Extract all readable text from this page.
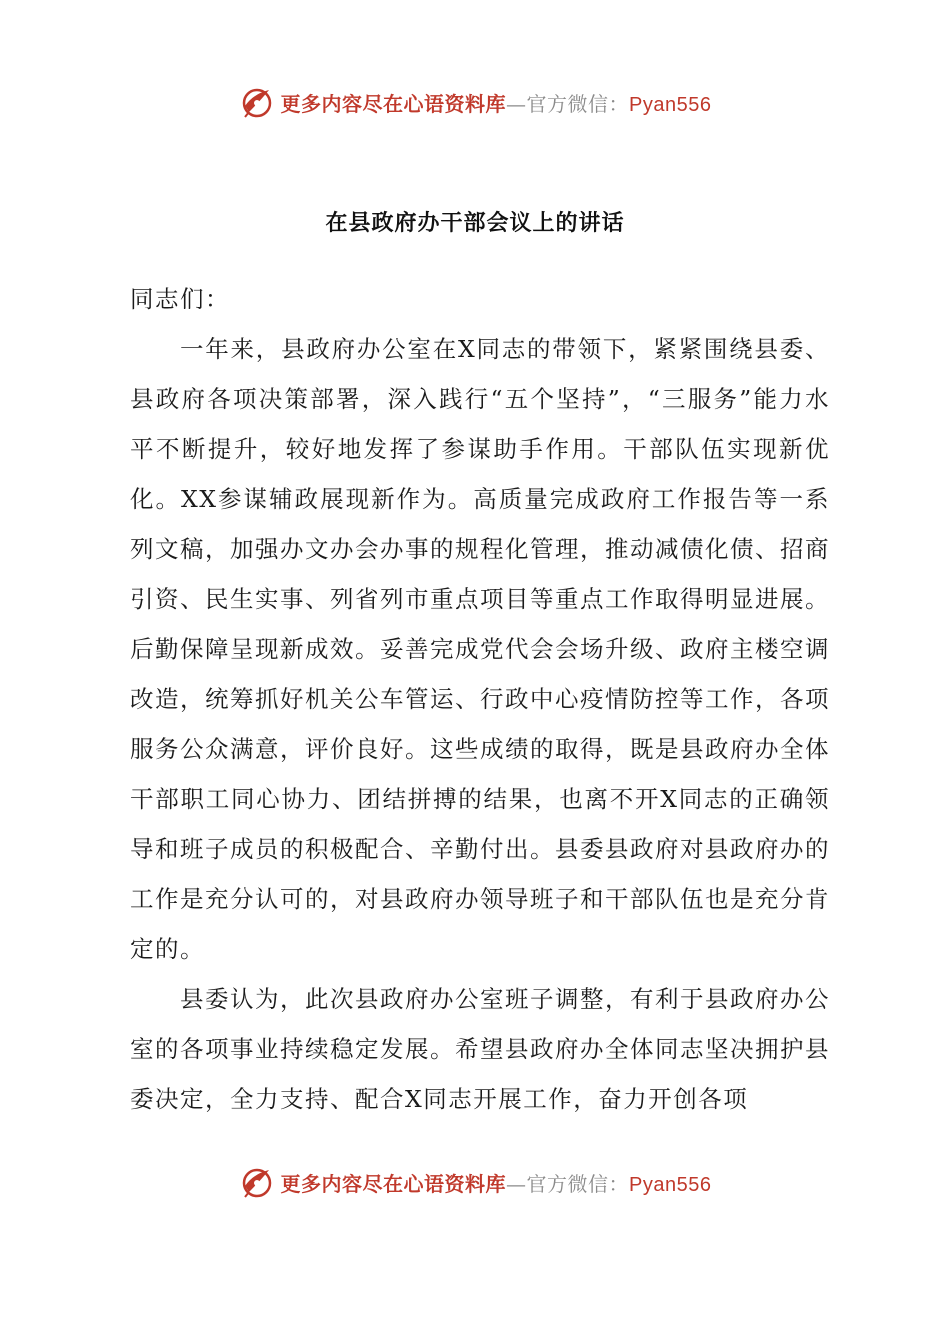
更多内容尽在心语资料库—官方微信：Pyan556
在县政府办干部会议上的讲话

同志们：

一年来，县政府办公室在X同志的带领下，紧紧围绕县委、县政府各项决策部署，深入践行“五个坚持”，“三服务”能力水平不断提升，较好地发挥了参谋助手作用。干部队伍实现新优化。XX参谋辅政展现新作为。高质量完成政府工作报告等一系列文稿，加强办文办会办事的规程化管理，推动减债化债、招商引资、民生实事、列省列市重点项目等重点工作取得明显进展。后勤保障呈现新成效。妥善完成党代会会场升级、政府主楼空调改造，统筹抓好机关公车管运、行政中心疫情防控等工作，各项服务公众满意，评价良好。这些成绩的取得，既是县政府办全体干部职工同心协力、团结拼搏的结果，也离不开X同志的正确领导和班子成员的积极配合、辛勤付出。县委县政府对县政府办的工作是充分认可的，对县政府办领导班子和干部队伍也是充分肯定的。

县委认为，此次县政府办公室班子调整，有利于县政府办公室的各项事业持续稳定发展。希望县政府办全体同志坚决拥护县委决定，全力支持、配合X同志开展工作，奋力开创各项

更多内容尽在心语资料库—官方微信：Pyan556
